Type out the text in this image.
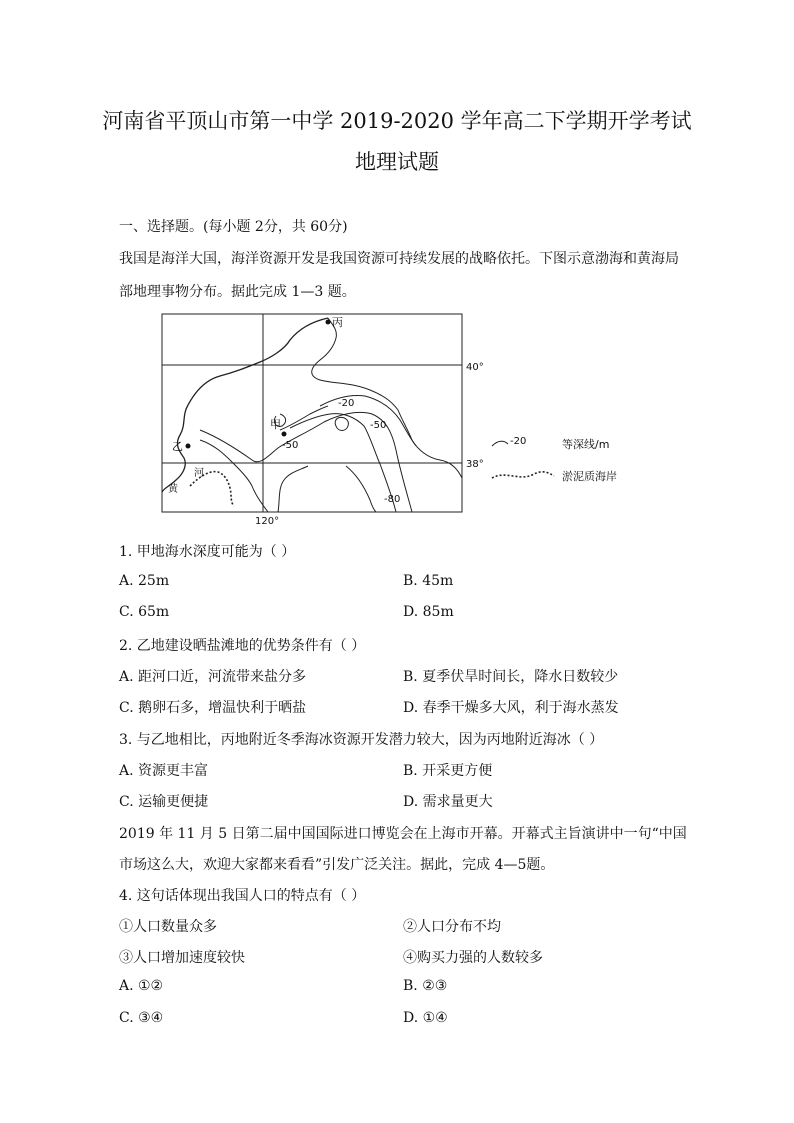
河南省平顶山市第一中学 2019-2020 学年高二下学期开学考试
地理试题
一、选择题。(每小题 2分，共 60分)
我国是海洋大国，海洋资源开发是我国资源可持续发展的战略依托。下图示意渤海和黄海局
部地理事物分布。据此完成 1—3 题。
丙
甲
乙
河
黄
40°
38°
120°
-20
-50
-50
-80
-20	等深线/m
淤泥质海岸
1. 甲地海水深度可能为（ ）
A. 25m	B. 45m
C. 65m	D. 85m
2. 乙地建设晒盐滩地的优势条件有（ ）
A. 距河口近，河流带来盐分多	B. 夏季伏旱时间长，降水日数较少
C. 鹅卵石多，增温快利于晒盐	D. 春季干燥多大风，利于海水蒸发
3. 与乙地相比，丙地附近冬季海冰资源开发潜力较大，因为丙地附近海冰（ ）
A. 资源更丰富	B. 开采更方便
C. 运输更便捷	D. 需求量更大
2019 年 11 月 5 日第二届中国国际进口博览会在上海市开幕。开幕式主旨演讲中一句“中国
市场这么大，欢迎大家都来看看”引发广泛关注。据此，完成 4—5题。
4. 这句话体现出我国人口的特点有（ ）
①人口数量众多	②人口分布不均
③人口增加速度较快	④购买力强的人数较多
A. ①②	B. ②③
C. ③④	D. ①④
